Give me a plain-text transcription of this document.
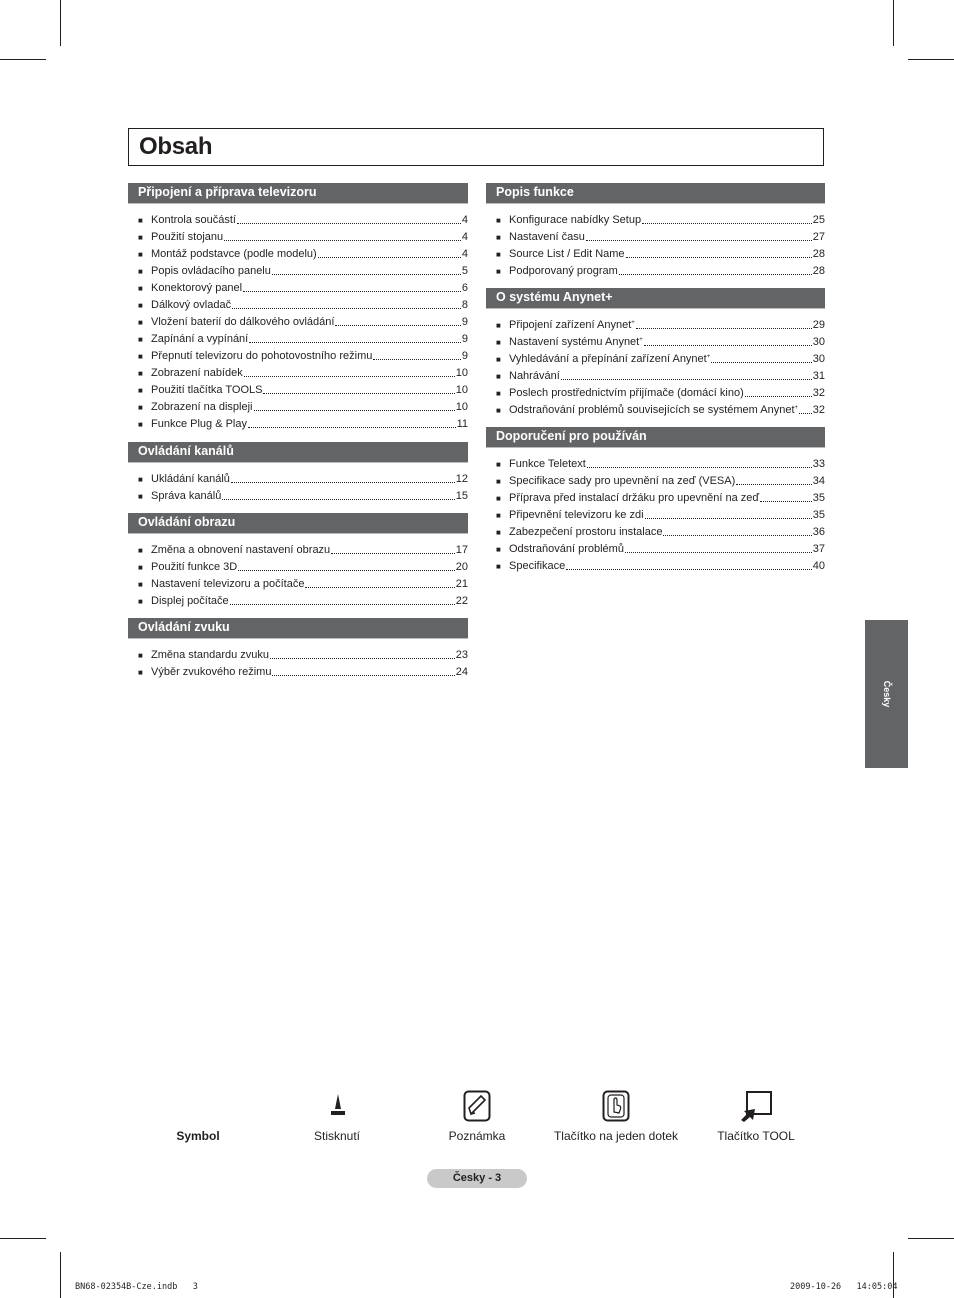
Obsah
Připojení a příprava televizoru
■ Kontrola součástí	4
■ Použití stojanu	4
■ Montáž podstavce (podle modelu)	4
■ Popis ovládacího panelu	5
■ Konektorový panel	6
■ Dálkový ovladač	8
■ Vložení baterií do dálkového ovládání	9
■ Zapínání a vypínání	9
■ Přepnutí televizoru do pohotovostního režimu	9
■ Zobrazení nabídek	10
■ Použití tlačítka TOOLS	10
■ Zobrazení na displeji	10
■ Funkce Plug & Play	11
Ovládání kanálů
■ Ukládání kanálů	12
■ Správa kanálů	15
Ovládání obrazu
■ Změna a obnovení nastavení obrazu	17
■ Použití funkce 3D	20
■ Nastavení televizoru a počítače	21
■ Displej počítače	22
Ovládání zvuku
■ Změna standardu zvuku	23
■ Výběr zvukového režimu	24
Popis funkce
■ Konfigurace nabídky Setup	25
■ Nastavení času	27
■ Source List / Edit Name	28
■ Podporovaný program	28
O systému Anynet+
■ Připojení zařízení Anynet+	29
■ Nastavení systému Anynet+	30
■ Vyhledávání a přepínání zařízení Anynet+	30
■ Nahrávání	31
■ Poslech prostřednictvím přijímače (domácí kino)	32
■ Odstraňování problémů souvisejících se systémem Anynet+ 32
Doporučení pro používán
■ Funkce Teletext	33
■ Specifikace sady pro upevnění na zeď (VESA)	34
■ Příprava před instalací držáku pro upevnění na zeď	35
■ Připevnění televizoru ke zdi	35
■ Zabezpečení prostoru instalace	36
■ Odstraňování problémů	37
■ Specifikace	40
Česky
Symbol	Stisknutí	Poznámka	Tlačítko na jeden dotek	Tlačítko TOOL
Česky - 3
BN68-02354B-Cze.indb   3	2009-10-26   14:05:04
